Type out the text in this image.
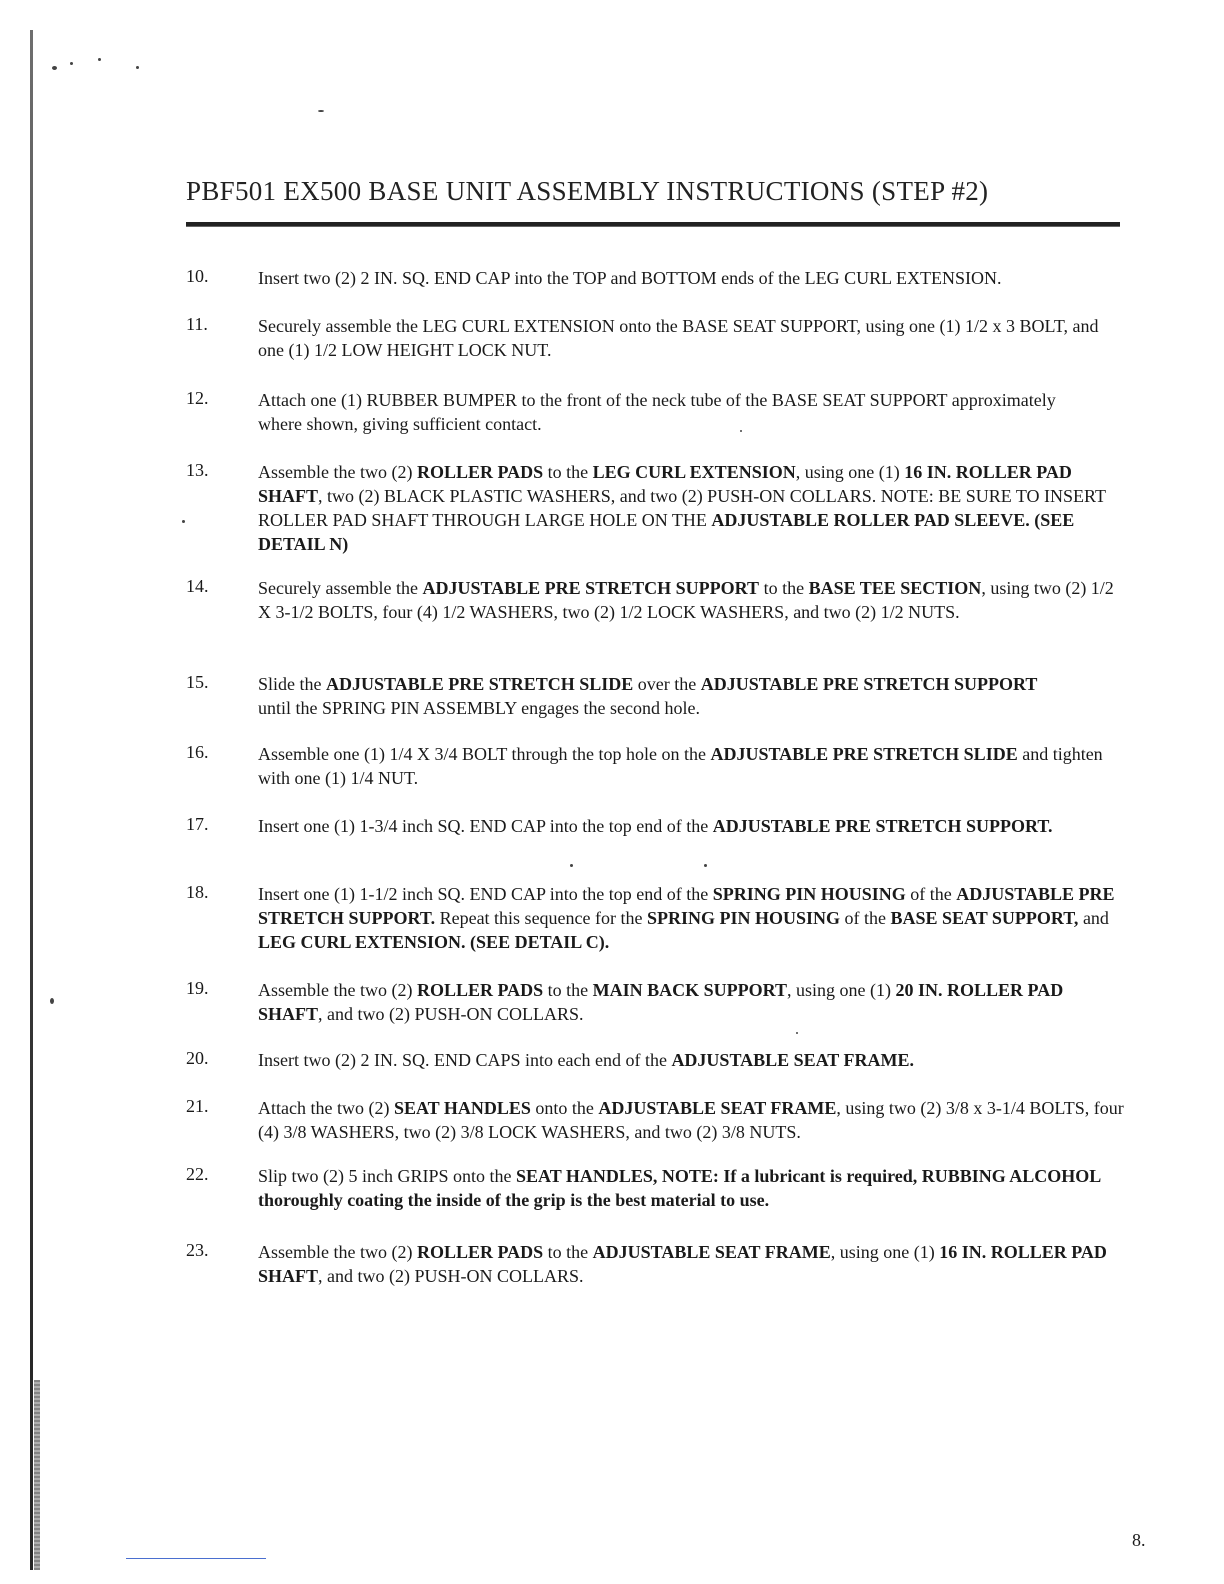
PBF501 EX500 BASE UNIT ASSEMBLY INSTRUCTIONS (STEP #2)
10.	Insert two (2) 2 IN. SQ. END CAP into the TOP and BOTTOM ends of the LEG CURL EXTENSION.
11.	Securely assemble the LEG CURL EXTENSION onto the BASE SEAT SUPPORT, using one (1) 1/2 x 3 BOLT, and one (1) 1/2 LOW HEIGHT LOCK NUT.
12.	Attach one (1) RUBBER BUMPER to the front of the neck tube of the BASE SEAT SUPPORT approximately where shown, giving sufficient contact.
13.	Assemble the two (2) ROLLER PADS to the LEG CURL EXTENSION, using one (1) 16 IN. ROLLER PAD SHAFT, two (2) BLACK PLASTIC WASHERS, and two (2) PUSH-ON COLLARS. NOTE: BE SURE TO INSERT ROLLER PAD SHAFT THROUGH LARGE HOLE ON THE ADJUSTABLE ROLLER PAD SLEEVE. (SEE DETAIL N)
14.	Securely assemble the ADJUSTABLE PRE STRETCH SUPPORT to the BASE TEE SECTION, using two (2) 1/2 X 3-1/2 BOLTS, four (4) 1/2 WASHERS, two (2) 1/2 LOCK WASHERS, and two (2) 1/2 NUTS.
15.	Slide the ADJUSTABLE PRE STRETCH SLIDE over the ADJUSTABLE PRE STRETCH SUPPORT until the SPRING PIN ASSEMBLY engages the second hole.
16.	Assemble one (1) 1/4 X 3/4 BOLT through the top hole on the ADJUSTABLE PRE STRETCH SLIDE and tighten with one (1) 1/4 NUT.
17.	Insert one (1) 1-3/4 inch SQ. END CAP into the top end of the ADJUSTABLE PRE STRETCH SUPPORT.
18.	Insert one (1) 1-1/2 inch SQ. END CAP into the top end of the SPRING PIN HOUSING of the ADJUSTABLE PRE STRETCH SUPPORT. Repeat this sequence for the SPRING PIN HOUSING of the BASE SEAT SUPPORT, and LEG CURL EXTENSION. (SEE DETAIL C).
19.	Assemble the two (2) ROLLER PADS to the MAIN BACK SUPPORT, using one (1) 20 IN. ROLLER PAD SHAFT, and two (2) PUSH-ON COLLARS.
20.	Insert two (2) 2 IN. SQ. END CAPS into each end of the ADJUSTABLE SEAT FRAME.
21.	Attach the two (2) SEAT HANDLES onto the ADJUSTABLE SEAT FRAME, using two (2) 3/8 x 3-1/4 BOLTS, four (4) 3/8 WASHERS, two (2) 3/8 LOCK WASHERS, and two (2) 3/8 NUTS.
22.	Slip two (2) 5 inch GRIPS onto the SEAT HANDLES, NOTE: If a lubricant is required, RUBBING ALCOHOL thoroughly coating the inside of the grip is the best material to use.
23.	Assemble the two (2) ROLLER PADS to the ADJUSTABLE SEAT FRAME, using one (1) 16 IN. ROLLER PAD SHAFT, and two (2) PUSH-ON COLLARS.
8.
